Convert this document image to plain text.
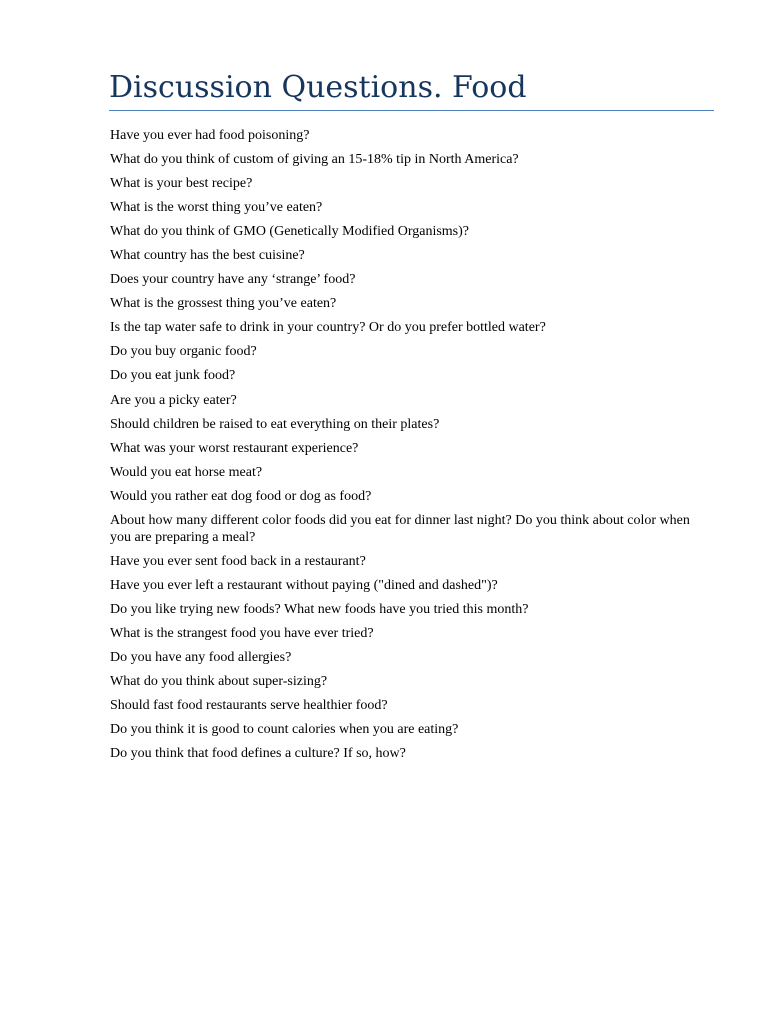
Discussion Questions. Food
Have you ever had food poisoning?
What do you think of custom of giving an 15-18% tip in North America?
What is your best recipe?
What is the worst thing you’ve eaten?
What do you think of GMO (Genetically Modified Organisms)?
What country has the best cuisine?
Does your country have any ‘strange’ food?
What is the grossest thing you’ve eaten?
Is the tap water safe to drink in your country? Or do you prefer bottled water?
Do you buy organic food?
Do you eat junk food?
Are you a picky eater?
Should children be raised to eat everything on their plates?
What was your worst restaurant experience?
Would you eat horse meat?
Would you rather eat dog food or dog as food?
About how many different color foods did you eat for dinner last night? Do you think about color when you are preparing a meal?
Have you ever sent food back in a restaurant?
Have you ever left a restaurant without paying ("dined and dashed")?
Do you like trying new foods? What new foods have you tried this month?
What is the strangest food you have ever tried?
Do you have any food allergies?
What do you think about super-sizing?
Should fast food restaurants serve healthier food?
Do you think it is good to count calories when you are eating?
Do you think that food defines a culture? If so, how?
